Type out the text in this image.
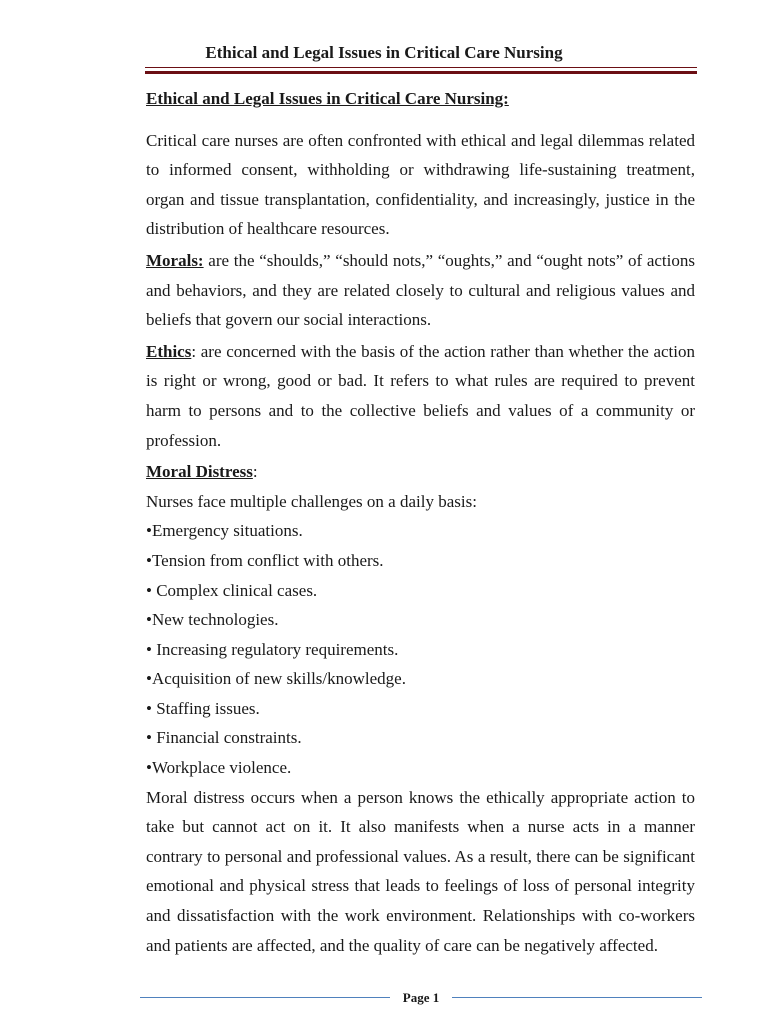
Ethical and Legal Issues in Critical Care Nursing

Ethical and Legal Issues in Critical Care Nursing:

Critical care nurses are often confronted with ethical and legal dilemmas related to informed consent, withholding or withdrawing life-sustaining treatment, organ and tissue transplantation, confidentiality, and increasingly, justice in the distribution of healthcare resources.

Morals: are the “shoulds,” “should nots,” “oughts,” and “ought nots” of actions and behaviors, and they are related closely to cultural and religious values and beliefs that govern our social interactions.

Ethics: are concerned with the basis of the action rather than whether the action is right or wrong, good or bad. It refers to what rules are required to prevent harm to persons and to the collective beliefs and values of a community or profession.

Moral Distress:

Nurses face multiple challenges on a daily basis:

•Emergency situations.

•Tension from conflict with others.

• Complex clinical cases.

•New technologies.

• Increasing regulatory requirements.

•Acquisition of new skills/knowledge.

• Staffing issues.

• Financial constraints.

•Workplace violence.

Moral distress occurs when a person knows the ethically appropriate action to take but cannot act on it. It also manifests when a nurse acts in a manner contrary to personal and professional values. As a result, there can be significant emotional and physical stress that leads to feelings of loss of personal integrity and dissatisfaction with the work environment. Relationships with co-workers and patients are affected, and the quality of care can be negatively affected.

Page 1
